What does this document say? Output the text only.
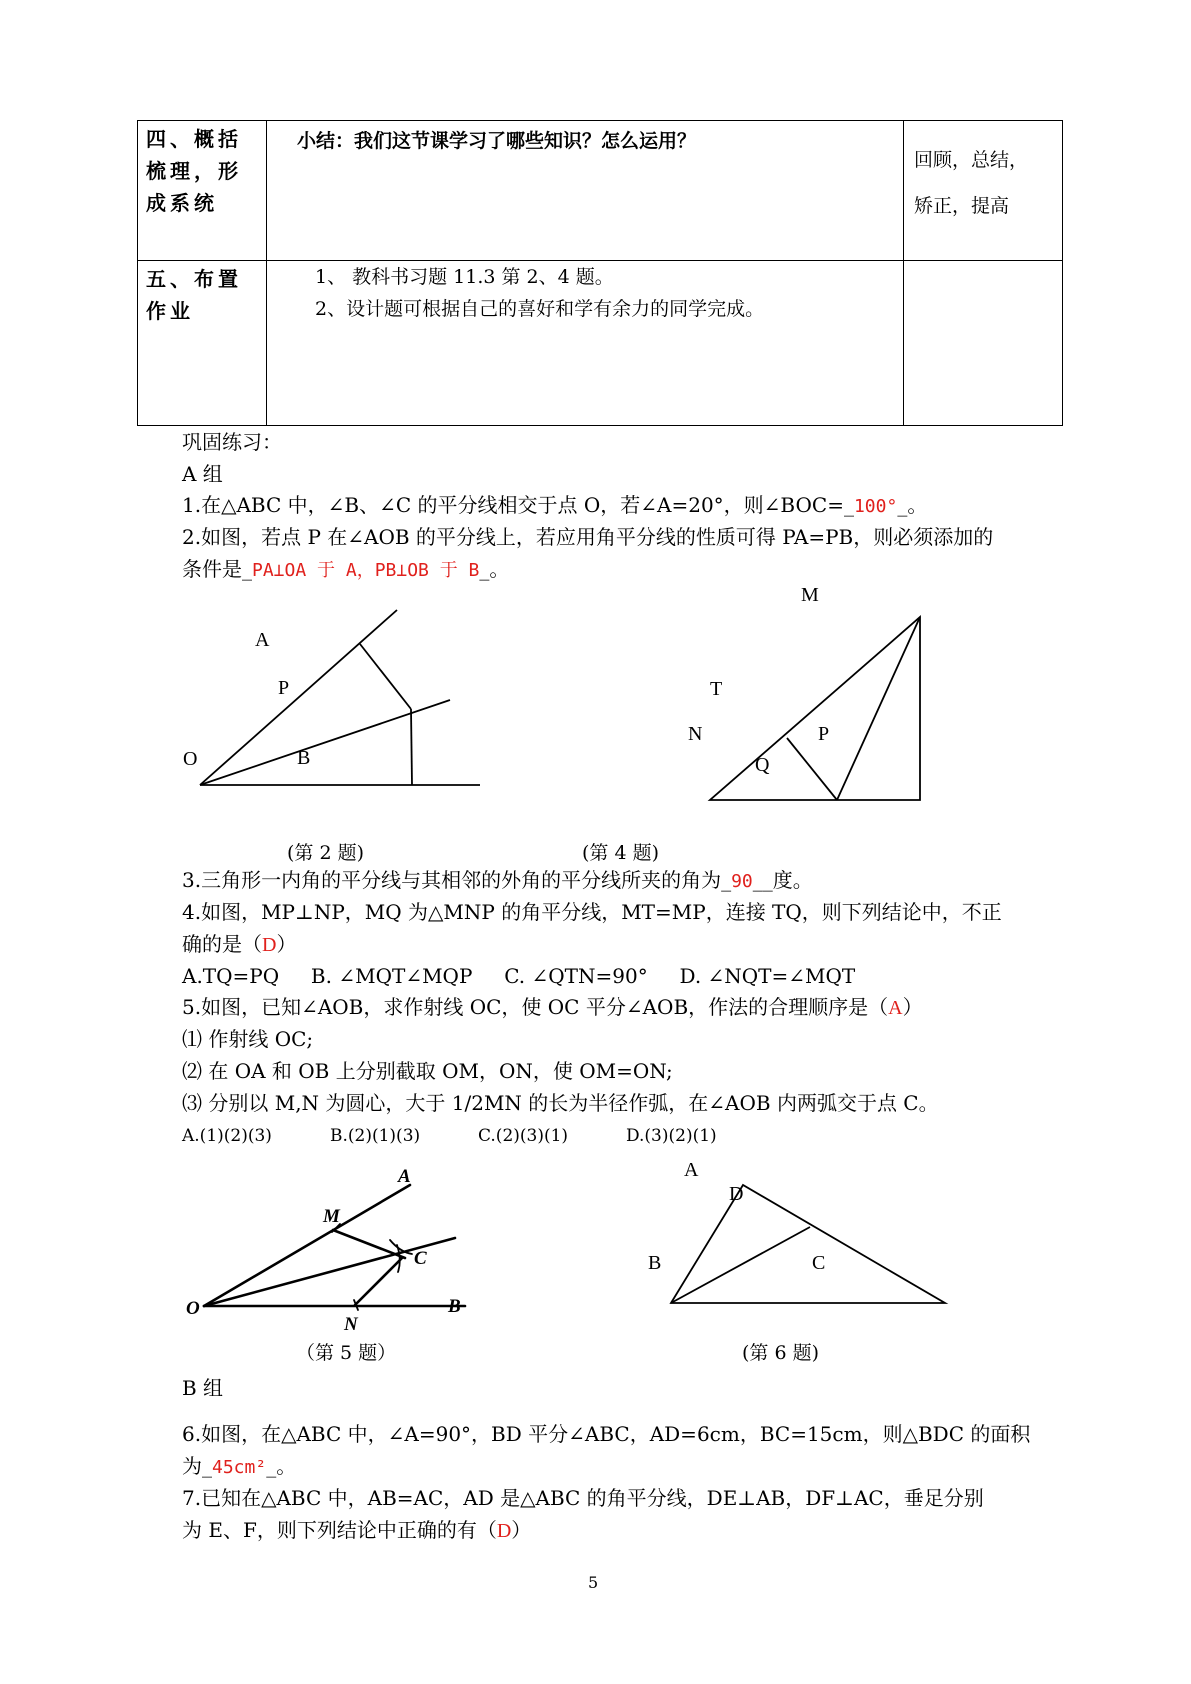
四、概括梳理，形成系统	小结：我们这节课学习了哪些知识？怎么运用？	回顾，总结，
矫正，提高

五、布置作业	1、 教科书习题 11.3 第 2、4 题。
2、设计题可根据自己的喜好和学有余力的同学完成。	

巩固练习：
A 组
1.在△ABC 中，∠B、∠C 的平分线相交于点 O，若∠A=20°，则∠BOC=_100°_。
2.如图，若点 P 在∠AOB 的平分线上，若应用角平分线的性质可得 PA=PB，则必须添加的
条件是_PA⊥OA 于 A，PB⊥OB 于 B_。
A
P
O	B
M
T
N
Q
P
(第 2 题)	(第 4 题)
3.三角形一内角的平分线与其相邻的外角的平分线所夹的角为_90__度。
4.如图，MP⊥NP，MQ 为△MNP 的角平分线，MT=MP，连接 TQ，则下列结论中，不正
确的是（D）
A.TQ=PQ     B. ∠MQT∠MQP     C. ∠QTN=90°     D. ∠NQT=∠MQT
5.如图，已知∠AOB，求作射线 OC，使 OC 平分∠AOB，作法的合理顺序是（A）
⑴ 作射线 OC;
⑵ 在 OA 和 OB 上分别截取 OM，ON，使 OM=ON;
⑶ 分别以 M,N 为圆心，大于 1/2MN 的长为半径作弧，在∠AOB 内两弧交于点 C。
A.(1)(2)(3)	B.(2)(1)(3)	C.(2)(3)(1)	D.(3)(2)(1)
A
M
C
O
N
B
A
D
B	C
（第 5 题）	(第 6 题)
B 组
6.如图，在△ABC 中，∠A=90°，BD 平分∠ABC，AD=6cm，BC=15cm，则△BDC 的面积
为_45cm²_。
7.已知在△ABC 中，AB=AC，AD 是△ABC 的角平分线，DE⊥AB，DF⊥AC，垂足分别
为 E、F，则下列结论中正确的有（D）
5
